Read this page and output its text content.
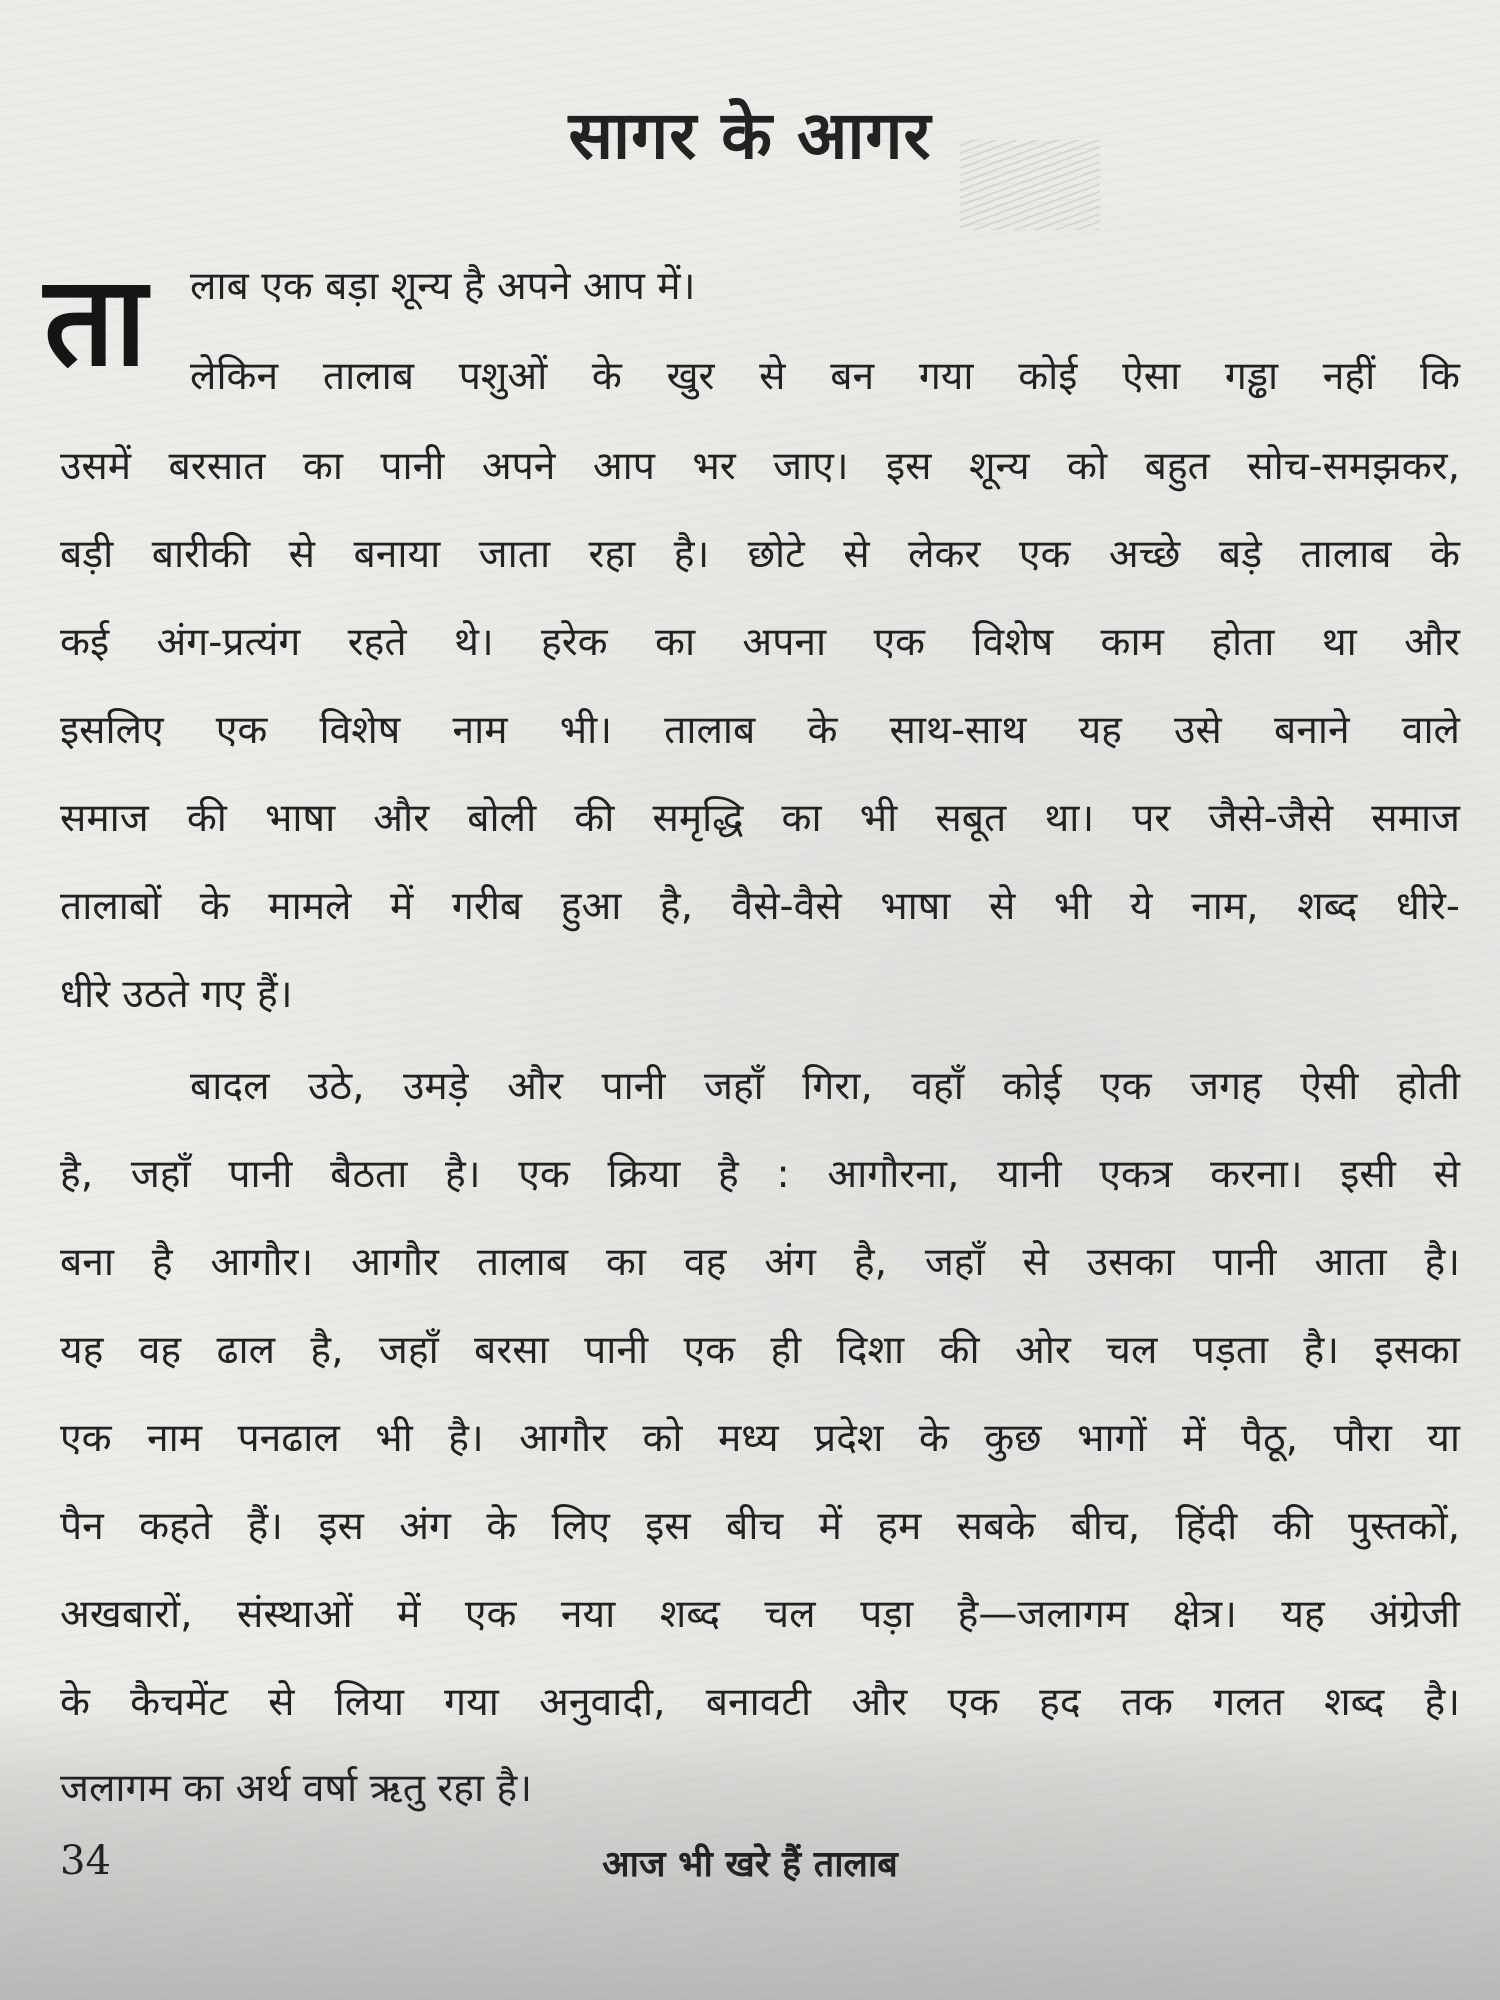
सागर के आगर
ता लाब एक बड़ा शून्य है अपने आप में।
लेकिन तालाब पशुओं के खुर से बन गया कोई ऐसा गड्ढा नहीं कि
उसमें बरसात का पानी अपने आप भर जाए। इस शून्य को बहुत सोच-समझकर,
बड़ी बारीकी से बनाया जाता रहा है। छोटे से लेकर एक अच्छे बड़े तालाब के
कई अंग-प्रत्यंग रहते थे। हरेक का अपना एक विशेष काम होता था और
इसलिए एक विशेष नाम भी। तालाब के साथ-साथ यह उसे बनाने वाले
समाज की भाषा और बोली की समृद्धि का भी सबूत था। पर जैसे-जैसे समाज
तालाबों के मामले में गरीब हुआ है, वैसे-वैसे भाषा से भी ये नाम, शब्द धीरे-
धीरे उठते गए हैं।
बादल उठे, उमड़े और पानी जहाँ गिरा, वहाँ कोई एक जगह ऐसी होती
है, जहाँ पानी बैठता है। एक क्रिया है : आगौरना, यानी एकत्र करना। इसी से
बना है आगौर। आगौर तालाब का वह अंग है, जहाँ से उसका पानी आता है।
यह वह ढाल है, जहाँ बरसा पानी एक ही दिशा की ओर चल पड़ता है। इसका
एक नाम पनढाल भी है। आगौर को मध्य प्रदेश के कुछ भागों में पैठू, पौरा या
पैन कहते हैं। इस अंग के लिए इस बीच में हम सबके बीच, हिंदी की पुस्तकों,
अखबारों, संस्थाओं में एक नया शब्द चल पड़ा है—जलागम क्षेत्र। यह अंग्रेजी
के कैचमेंट से लिया गया अनुवादी, बनावटी और एक हद तक गलत शब्द है।
जलागम का अर्थ वर्षा ऋतु रहा है।
34	आज भी खरे हैं तालाब
